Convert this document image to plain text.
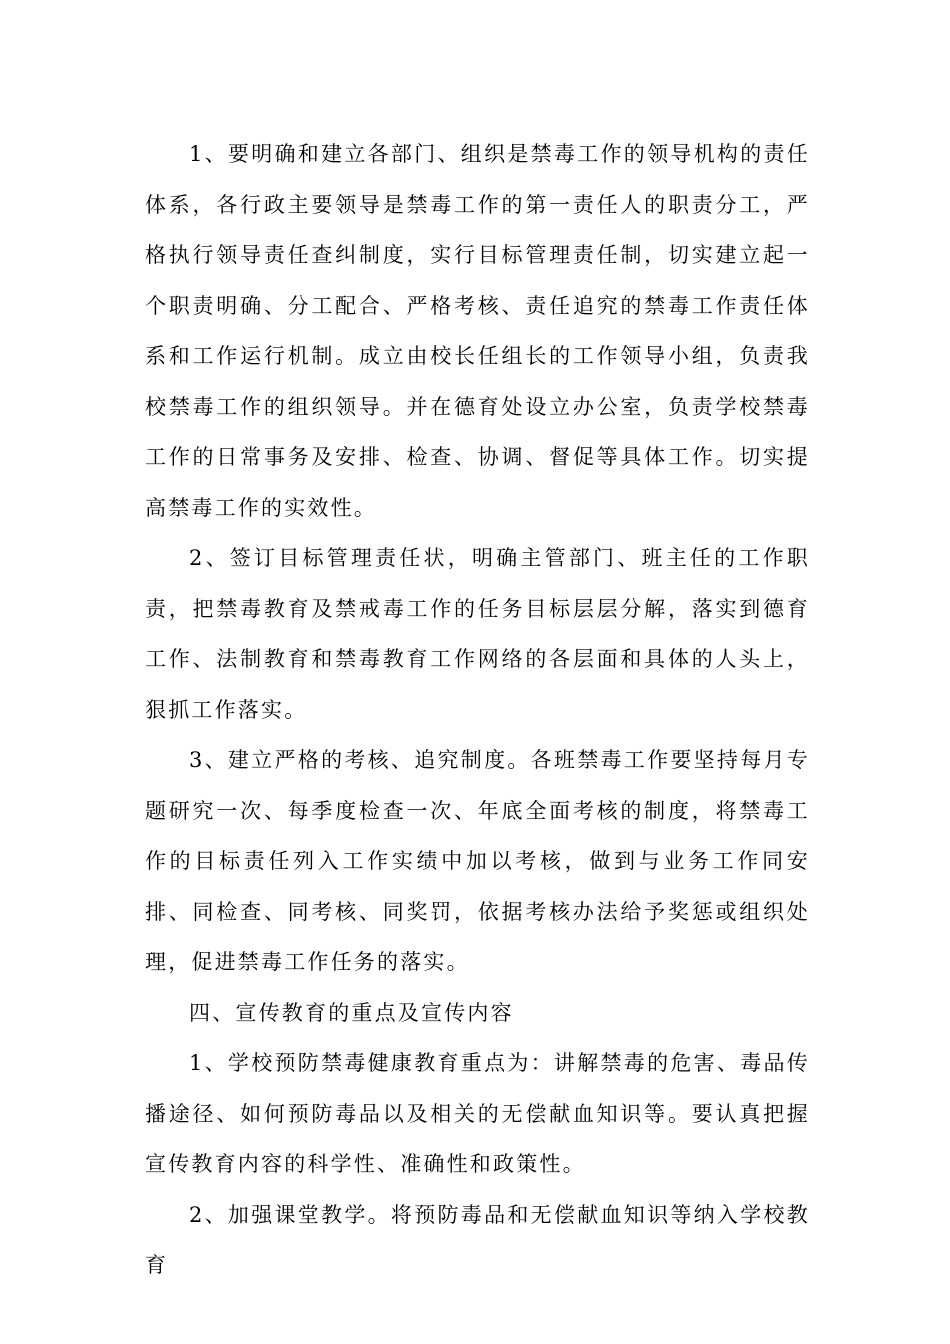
1、要明确和建立各部门、组织是禁毒工作的领导机构的责任体系，各行政主要领导是禁毒工作的第一责任人的职责分工，严格执行领导责任查纠制度，实行目标管理责任制，切实建立起一个职责明确、分工配合、严格考核、责任追究的禁毒工作责任体系和工作运行机制。成立由校长任组长的工作领导小组，负责我校禁毒工作的组织领导。并在德育处设立办公室，负责学校禁毒工作的日常事务及安排、检查、协调、督促等具体工作。切实提高禁毒工作的实效性。

2、签订目标管理责任状，明确主管部门、班主任的工作职责，把禁毒教育及禁戒毒工作的任务目标层层分解，落实到德育工作、法制教育和禁毒教育工作网络的各层面和具体的人头上，狠抓工作落实。

3、建立严格的考核、追究制度。各班禁毒工作要坚持每月专题研究一次、每季度检查一次、年底全面考核的制度，将禁毒工作的目标责任列入工作实绩中加以考核，做到与业务工作同安排、同检查、同考核、同奖罚，依据考核办法给予奖惩或组织处理，促进禁毒工作任务的落实。

四、宣传教育的重点及宣传内容

1、学校预防禁毒健康教育重点为：讲解禁毒的危害、毒品传播途径、如何预防毒品以及相关的无偿献血知识等。要认真把握宣传教育内容的科学性、准确性和政策性。

2、加强课堂教学。将预防毒品和无偿献血知识等纳入学校教育
